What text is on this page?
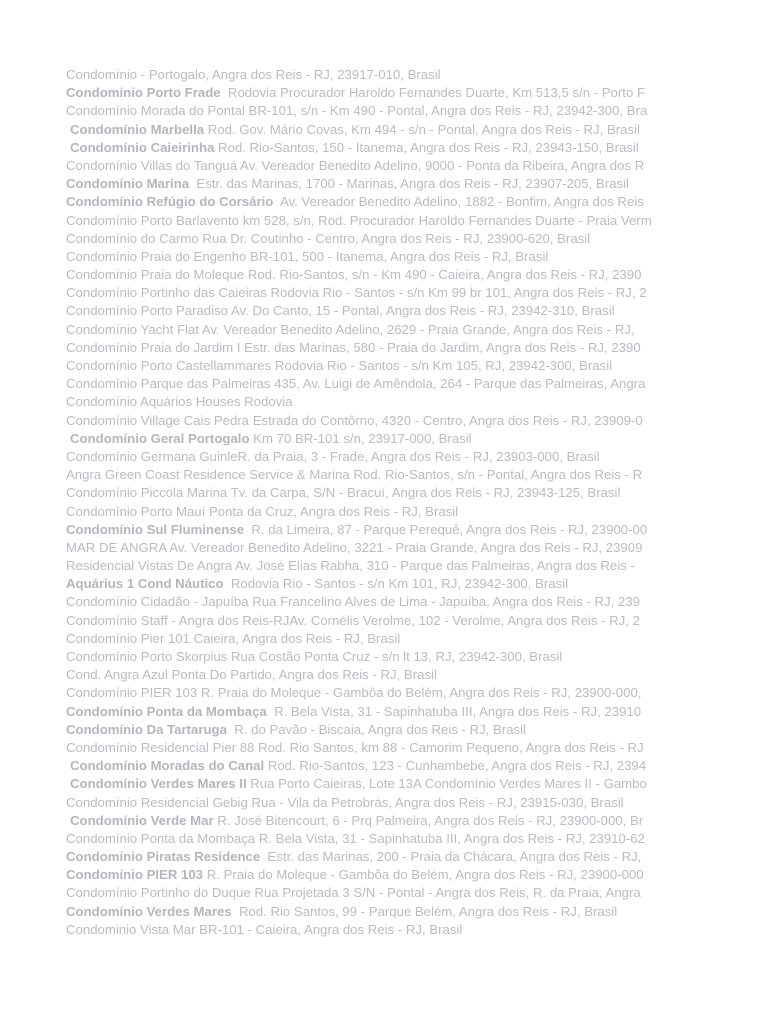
Condomínio - Portogalo, Angra dos Reis - RJ, 23917-010, Brasil
Condomínio Porto Frade Rodovia Procurador Haroldo Fernandes Duarte, Km 513,5 s/n - Porto F
Condomínio Morada do Pontal BR-101, s/n - Km 490 - Pontal, Angra dos Reis - RJ, 23942-300, Bra
Condomínio Marbella Rod. Gov. Mário Covas, Km 494 - s/n - Pontal, Angra dos Reis - RJ, Brasil
Condomínio Caieirinha Rod. Rio-Santos, 150 - Itanema, Angra dos Reis - RJ, 23943-150, Brasil
Condomínio Villas do Tanguá Av. Vereador Benedito Adelino, 9000 - Ponta da Ribeira, Angra dos R
Condomínio Marina Estr. das Marinas, 1700 - Marinas, Angra dos Reis - RJ, 23907-205, Brasil
Condomínio Refúgio do Corsário Av. Vereador Benedito Adelino, 1882 - Bonfim, Angra dos Reis
Condomínio Porto Barlavento km 528, s/n, Rod. Procurador Haroldo Fernandes Duarte - Praia Verm
Condomínio do Carmo Rua Dr. Coutinho - Centro, Angra dos Reis - RJ, 23900-620, Brasil
Condomínio Praia do Engenho BR-101, 500 - Itanema, Angra dos Reis - RJ, Brasil
Condomínio Praia do Moleque Rod. Rio-Santos, s/n - Km 490 - Caieira, Angra dos Reis - RJ, 2390
Condomínio Portinho das Caieiras Rodovia Rio - Santos - s/n Km 99 br 101, Angra dos Reis - RJ, 2
Condomínio Porto Paradiso Av. Do Canto, 15 - Pontal, Angra dos Reis - RJ, 23942-310, Brasil
Condomínio Yacht Flat Av. Vereador Benedito Adelino, 2629 - Praia Grande, Angra dos Reis - RJ,
Condomínio Praia do Jardim I Estr. das Marinas, 580 - Praia do Jardim, Angra dos Reis - RJ, 2390
Condomínio Porto Castellammares Rodovia Rio - Santos - s/n Km 105, RJ, 23942-300, Brasil
Condomínio Parque das Palmeiras 435, Av. Luigi de Amêndola, 264 - Parque das Palmeiras, Angra
Condomínio Aquários Houses Rodovia
Condomínio Village Cais Pedra Estrada do Contôrno, 4320 - Centro, Angra dos Reis - RJ, 23909-0
Condomínio Geral Portogalo Km 70 BR-101 s/n, 23917-000, Brasil
Condomínio Germana GuinleR. da Praia, 3 - Frade, Angra dos Reis - RJ, 23903-000, Brasil
Angra Green Coast Residence Service & Marina Rod. Rio-Santos, s/n - Pontal, Angra dos Reis - R
Condomínio Piccola Marina Tv. da Carpa, S/N - Bracuí, Angra dos Reis - RJ, 23943-125, Brasil
Condomínio Porto Mauí Ponta da Cruz, Angra dos Reis - RJ, Brasil
Condomínio Sul Fluminense R. da Limeira, 87 - Parque Perequê, Angra dos Reis - RJ, 23900-00
MAR DE ANGRA Av. Vereador Benedito Adelino, 3221 - Praia Grande, Angra dos Reis - RJ, 23909
Residencial Vistas De Angra Av. José Elias Rabha, 310 - Parque das Palmeiras, Angra dos Reis -
Aquárius 1 Cond Náutico Rodovia Rio - Santos - s/n Km 101, RJ, 23942-300, Brasil
Condomínio Cidadão - Japuíba Rua Francelino Alves de Lima - Japuíba, Angra dos Reis - RJ, 239
Condomínio Staff - Angra dos Reis-RJAv. Cornélis Verolme, 102 - Verolme, Angra dos Reis - RJ, 2
Condomínio Pier 101 Caieira, Angra dos Reis - RJ, Brasil
Condomínio Porto Skorpius Rua Costão Ponta Cruz - s/n lt 13, RJ, 23942-300, Brasil
Cond. Angra Azul Ponta Do Partido, Angra dos Reis - RJ, Brasil
Condomínio PIER 103 R. Praia do Moleque - Gambôa do Belém, Angra dos Reis - RJ, 23900-000,
Condomínio Ponta da Mombaça R. Bela Vista, 31 - Sapinhatuba III, Angra dos Reis - RJ, 23910
Condomínio Da Tartaruga R. do Pavão - Biscaia, Angra dos Reis - RJ, Brasil
Condomínio Residencial Pier 88 Rod. Rio Santos, km 88 - Camorim Pequeno, Angra dos Reis - RJ
Condomínio Moradas do Canal Rod. Rio-Santos, 123 - Cunhambebe, Angra dos Reis - RJ, 2394
Condomínio Verdes Mares II Rua Porto Caieiras, Lote 13A Condomínio Verdes Mares II - Gambo
Condomínio Residencial Gebig Rua - Vila da Petrobrás, Angra dos Reis - RJ, 23915-030, Brasil
Condomínio Verde Mar R. José Bitencourt, 6 - Prq Palmeira, Angra dos Reis - RJ, 23900-000, Br
Condomínio Ponta da Mombaça R. Bela Vista, 31 - Sapinhatuba III, Angra dos Reis - RJ, 23910-62
Condomínio Piratas Residence Estr. das Marinas, 200 - Praia da Chácara, Angra dos Reis - RJ,
Condomínio PIER 103 R. Praia do Moleque - Gambôa do Belém, Angra dos Reis - RJ, 23900-000
Condomínio Portinho do Duque Rua Projetada 3 S/N - Pontal - Angra dos Reis, R. da Praia, Angra
Condomínio Verdes Mares Rod. Rio Santos, 99 - Parque Belém, Angra dos Reis - RJ, Brasil
Condominio Vista Mar BR-101 - Caieira, Angra dos Reis - RJ, Brasil
